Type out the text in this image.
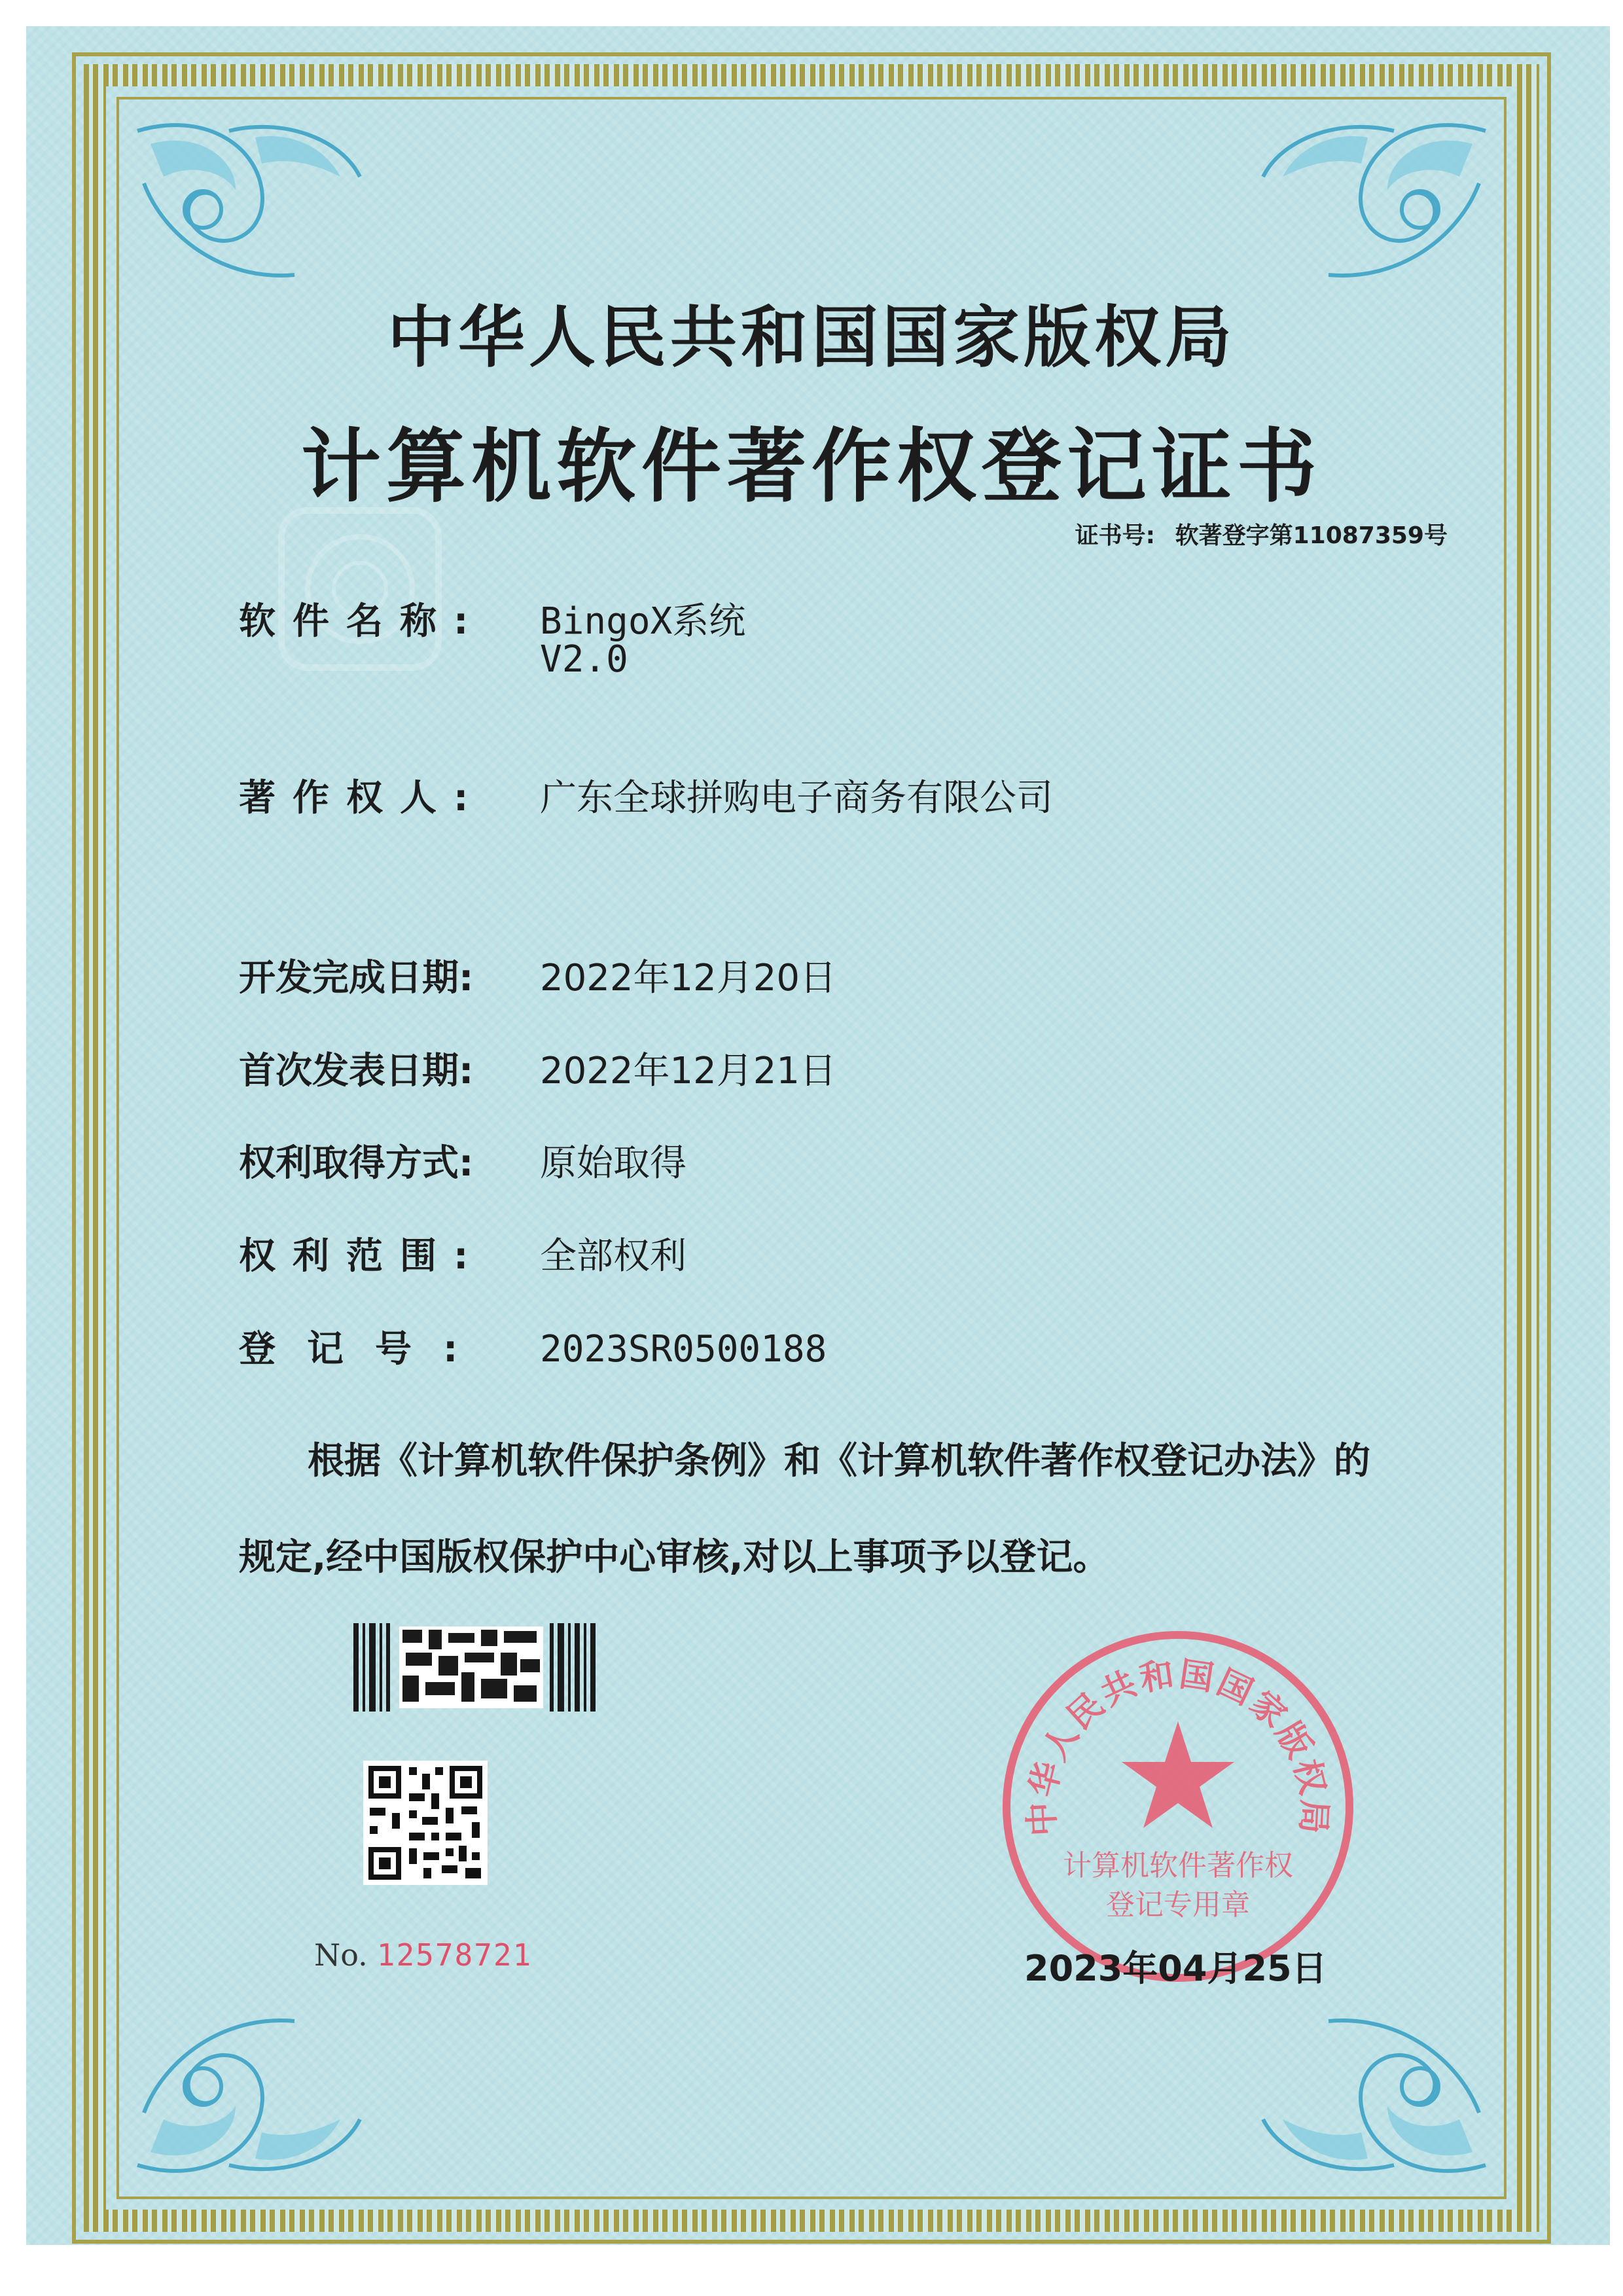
中华人民共和国国家版权局
计算机软件著作权登记证书
证书号: 软著登字第11087359号
软件名称: BingoX系统
V2.0
著作权人: 广东全球拼购电子商务有限公司
开发完成日期: 2022年12月20日
首次发表日期: 2022年12月21日
权利取得方式: 原始取得
权利范围: 全部权利
登记号: 2023SR0500188
根据《计算机软件保护条例》和《计算机软件著作权登记办法》的
规定,经中国版权保护中心审核,对以上事项予以登记。
No. 12578721
中华人民共和国国家版权局
计算机软件著作权
登记专用章
2023年04月25日
